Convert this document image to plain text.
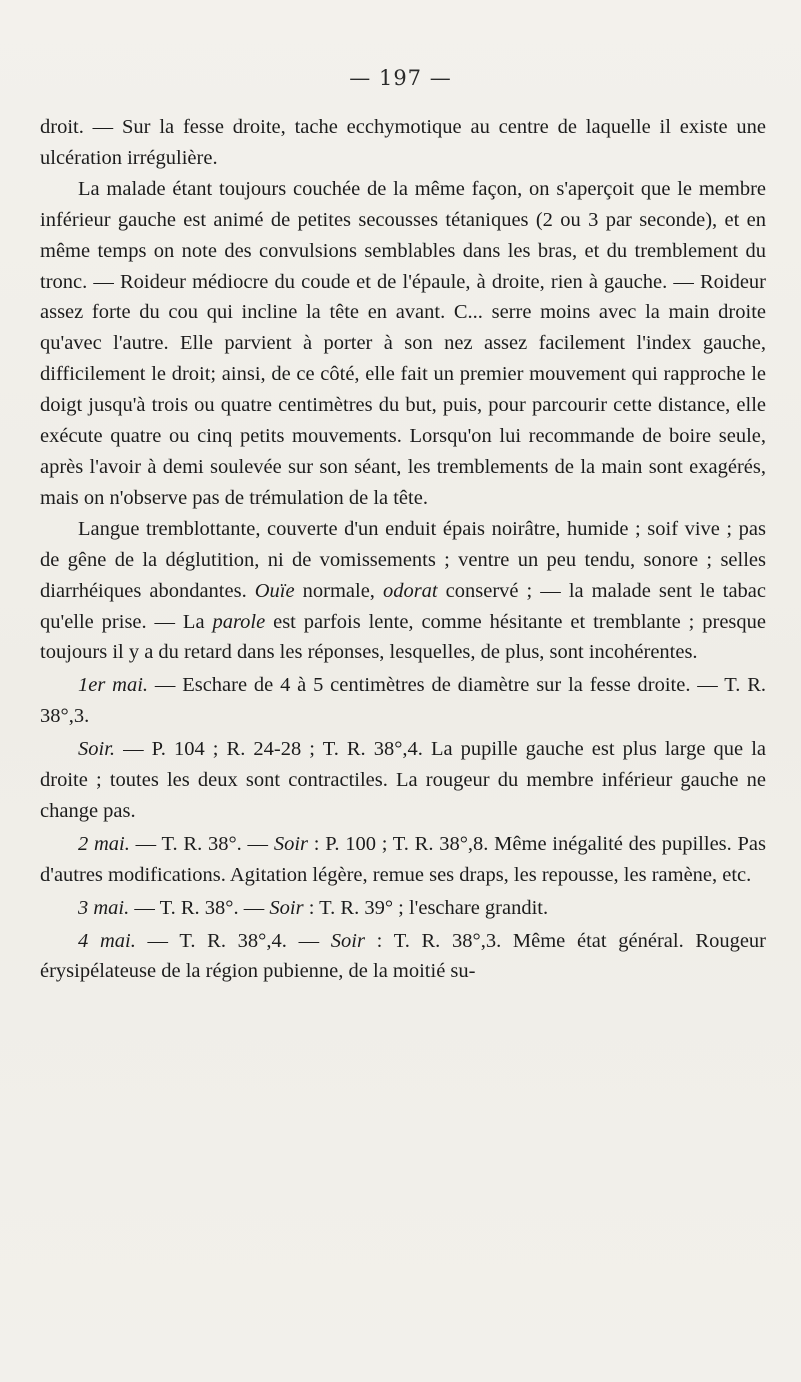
— 197 —

droit. — Sur la fesse droite, tache ecchymotique au centre de laquelle il existe une ulcération irrégulière.

La malade étant toujours couchée de la même façon, on s'aperçoit que le membre inférieur gauche est animé de petites secousses tétaniques (2 ou 3 par seconde), et en même temps on note des convulsions semblables dans les bras, et du tremblement du tronc. — Roideur médiocre du coude et de l'épaule, à droite, rien à gauche. — Roideur assez forte du cou qui incline la tête en avant. C... serre moins avec la main droite qu'avec l'autre. Elle parvient à porter à son nez assez facilement l'index gauche, difficilement le droit; ainsi, de ce côté, elle fait un premier mouvement qui rapproche le doigt jusqu'à trois ou quatre centimètres du but, puis, pour parcourir cette distance, elle exécute quatre ou cinq petits mouvements. Lorsqu'on lui recommande de boire seule, après l'avoir à demi soulevée sur son séant, les tremblements de la main sont exagérés, mais on n'observe pas de trémulation de la tête.

Langue tremblottante, couverte d'un enduit épais noirâtre, humide ; soif vive ; pas de gêne de la déglutition, ni de vomissements ; ventre un peu tendu, sonore ; selles diarrhéiques abondantes. Ouïe normale, odorat conservé ; — la malade sent le tabac qu'elle prise. — La parole est parfois lente, comme hésitante et tremblante ; presque toujours il y a du retard dans les réponses, lesquelles, de plus, sont incohérentes.

1er mai. — Eschare de 4 à 5 centimètres de diamètre sur la fesse droite. — T. R. 38°,3.

Soir. — P. 104 ; R. 24-28 ; T. R. 38°,4. La pupille gauche est plus large que la droite ; toutes les deux sont contractiles. La rougeur du membre inférieur gauche ne change pas.

2 mai. — T. R. 38°. — Soir : P. 100 ; T. R. 38°,8. Même inégalité des pupilles. Pas d'autres modifications. Agitation légère, remue ses draps, les repousse, les ramène, etc.

3 mai. — T. R. 38°. — Soir : T. R. 39° ; l'eschare grandit.

4 mai. — T. R. 38°,4. — Soir : T. R. 38°,3. Même état général. Rougeur érysipélateuse de la région pubienne, de la moitié su-
